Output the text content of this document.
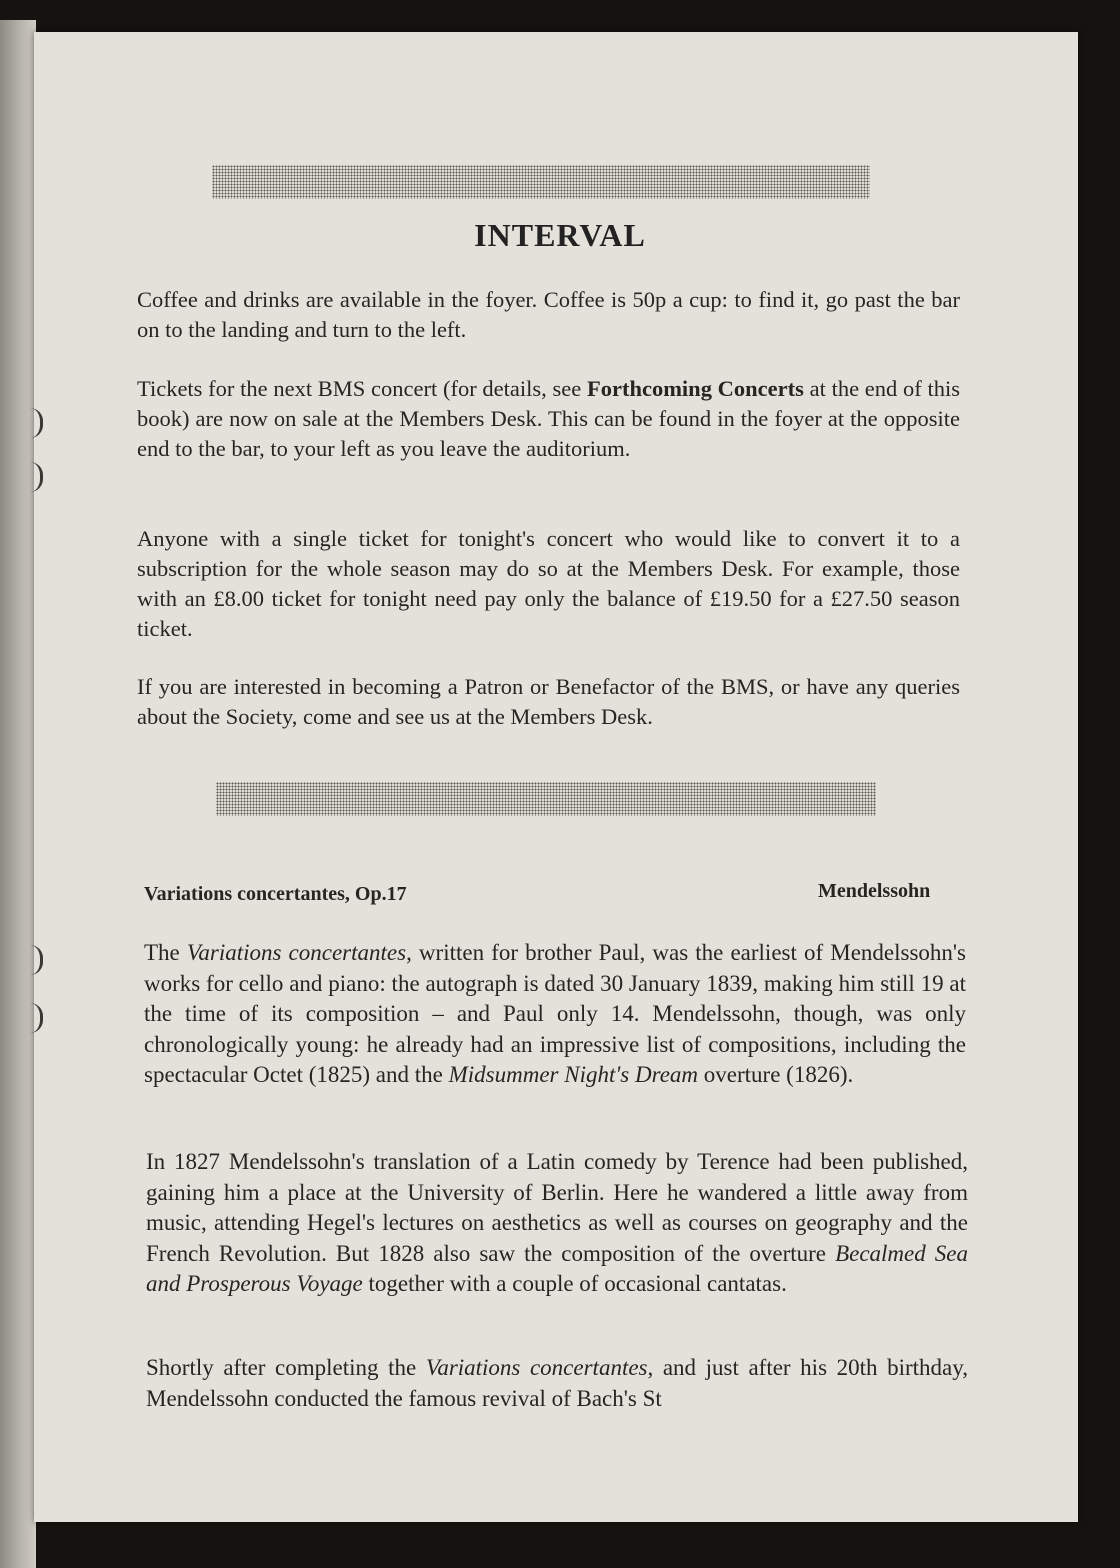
INTERVAL

Coffee and drinks are available in the foyer. Coffee is 50p a cup: to find it, go past the bar on to the landing and turn to the left.

Tickets for the next BMS concert (for details, see Forthcoming Concerts at the end of this book) are now on sale at the Members Desk. This can be found in the foyer at the opposite end to the bar, to your left as you leave the auditorium.

Anyone with a single ticket for tonight's concert who would like to convert it to a subscription for the whole season may do so at the Members Desk. For example, those with an £8.00 ticket for tonight need pay only the balance of £19.50 for a £27.50 season ticket.

If you are interested in becoming a Patron or Benefactor of the BMS, or have any queries about the Society, come and see us at the Members Desk.

Variations concertantes, Op.17	Mendelssohn

The Variations concertantes, written for brother Paul, was the earliest of Mendelssohn's works for cello and piano: the autograph is dated 30 January 1839, making him still 19 at the time of its composition – and Paul only 14. Mendelssohn, though, was only chronologically young: he already had an impressive list of compositions, including the spectacular Octet (1825) and the Midsummer Night's Dream overture (1826).

In 1827 Mendelssohn's translation of a Latin comedy by Terence had been published, gaining him a place at the University of Berlin. Here he wandered a little away from music, attending Hegel's lectures on aesthetics as well as courses on geography and the French Revolution. But 1828 also saw the composition of the overture Becalmed Sea and Prosperous Voyage together with a couple of occasional cantatas.

Shortly after completing the Variations concertantes, and just after his 20th birthday, Mendelssohn conducted the famous revival of Bach's St
